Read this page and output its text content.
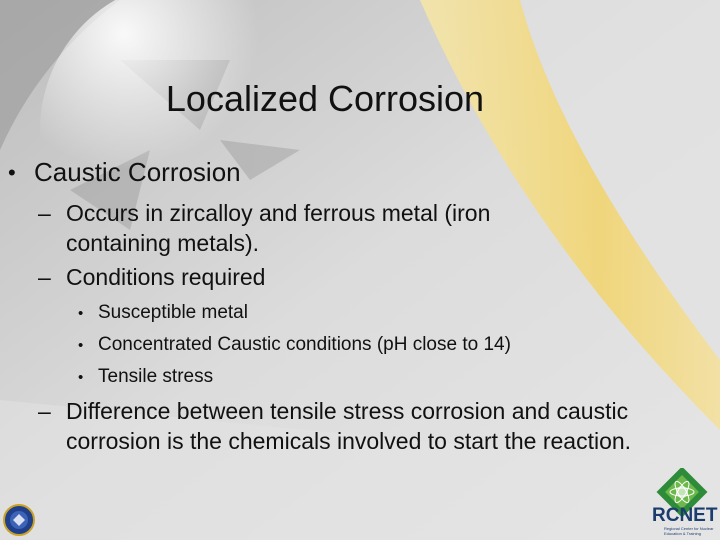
Localized Corrosion
• Caustic Corrosion
– Occurs in zircalloy and ferrous metal (iron containing metals).
– Conditions required
• Susceptible metal
• Concentrated Caustic conditions (pH close to 14)
• Tensile stress
– Difference between tensile stress corrosion and caustic corrosion is the chemicals involved to start the reaction.
RCNET
Regional Center for Nuclear Education & Training
